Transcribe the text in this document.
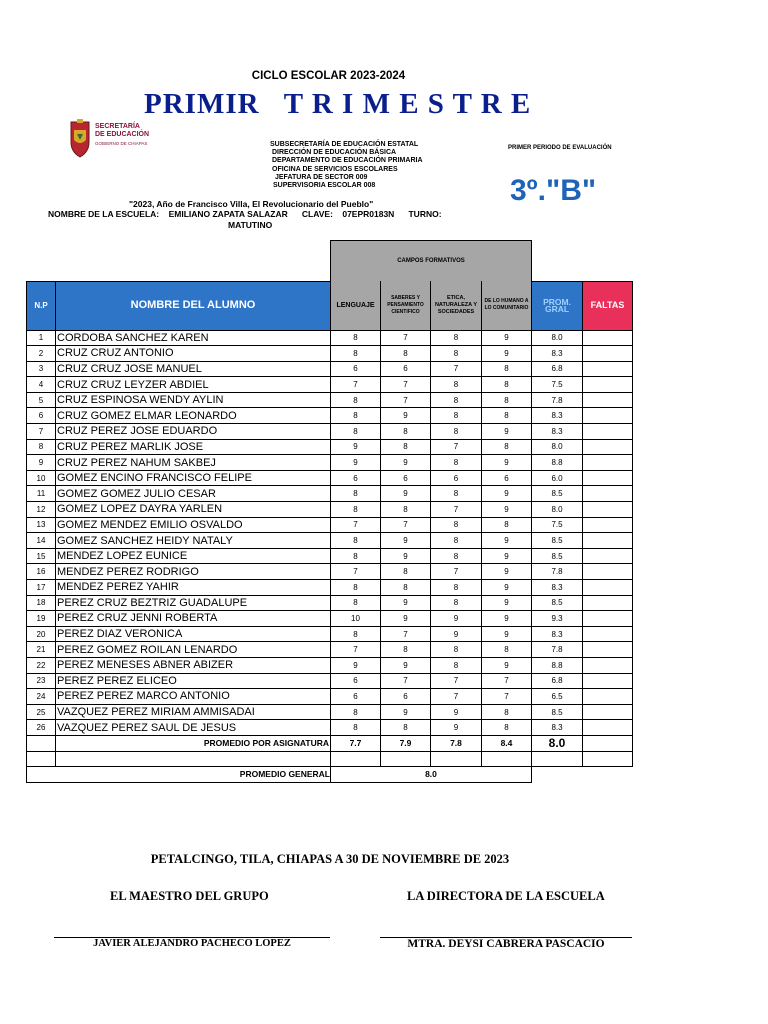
CICLO ESCOLAR 2023-2024
PRIMIR   T R I M E S T R E
SECRETARÍA
DE EDUCACIÓN
GOBIERNO DE CHIAPAS	SUBSECRETARÍA DE EDUCACIÓN ESTATAL
DIRECCIÓN DE EDUCACIÓN BÁSICA
DEPARTAMENTO DE EDUCACIÓN PRIMARIA
OFICINA DE SERVICIOS ESCOLARES
JEFATURA DE SECTOR 009
SUPERVISORIA ESCOLAR 008
PRIMER PERIODO DE EVALUACIÓN
3º."B"
"2023, Año de Francisco Villa, El Revolucionario del Pueblo"
NOMBRE DE LA ESCUELA:    EMILIANO ZAPATA SALAZAR      CLAVE:    07EPR0183N      TURNO:
MATUTINO
		CAMPOS FORMATIVOS					
N.P	NOMBRE DEL ALUMNO	LENGUAJE	SABERES Y PENSAMIENTO CIENTIFICO	ETICA, NATURALEZA Y SOCIEDADES	DE LO HUMANO A LO COMUNITARIO	PROM. GRAL	FALTAS
1	CORDOBA SANCHEZ KAREN	8	7	8	9	8.0	
2	CRUZ CRUZ ANTONIO	8	8	8	9	8.3	
3	CRUZ CRUZ JOSE MANUEL	6	6	7	8	6.8	
4	CRUZ CRUZ LEYZER ABDIEL	7	7	8	8	7.5	
5	CRUZ ESPINOSA WENDY AYLIN	8	7	8	8	7.8	
6	CRUZ GOMEZ ELMAR LEONARDO	8	9	8	8	8.3	
7	CRUZ PEREZ JOSE EDUARDO	8	8	8	9	8.3	
8	CRUZ PEREZ MARLIK JOSE	9	8	7	8	8.0	
9	CRUZ PEREZ NAHUM SAKBEJ	9	9	8	9	8.8	
10	GOMEZ ENCINO FRANCISCO FELIPE	6	6	6	6	6.0	
11	GOMEZ GOMEZ JULIO CESAR	8	9	8	9	8.5	
12	GOMEZ LOPEZ DAYRA YARLEN	8	8	7	9	8.0	
13	GOMEZ MENDEZ EMILIO OSVALDO	7	7	8	8	7.5	
14	GOMEZ SANCHEZ HEIDY NATALY	8	9	8	9	8.5	
15	MENDEZ LOPEZ EUNICE	8	9	8	9	8.5	
16	MENDEZ PEREZ RODRIGO	7	8	7	9	7.8	
17	MENDEZ PEREZ YAHIR	8	8	8	9	8.3	
18	PEREZ CRUZ BEZTRIZ GUADALUPE	8	9	8	9	8.5	
19	PEREZ CRUZ JENNI ROBERTA	10	9	9	9	9.3	
20	PEREZ DIAZ VERONICA	8	7	9	9	8.3	
21	PEREZ GOMEZ ROILAN LENARDO	7	8	8	8	7.8	
22	PEREZ MENESES ABNER ABIZER	9	9	8	9	8.8	
23	PEREZ PEREZ ELICEO	6	7	7	7	6.8	
24	PEREZ PEREZ MARCO ANTONIO	6	6	7	7	6.5	
25	VAZQUEZ PEREZ MIRIAM AMMISADAI	8	9	9	8	8.5	
26	VAZQUEZ PEREZ SAUL DE JESUS	8	8	9	8	8.3	
	PROMEDIO POR ASIGNATURA	7.7	7.9	7.8	8.4	8.0	

PROMEDIO GENERAL		8.0					
PETALCINGO, TILA, CHIAPAS A 30 DE NOVIEMBRE DE 2023
EL MAESTRO DEL GRUPO	LA DIRECTORA DE LA ESCUELA
JAVIER ALEJANDRO PACHECO LOPEZ	MTRA. DEYSI CABRERA PASCACIO
